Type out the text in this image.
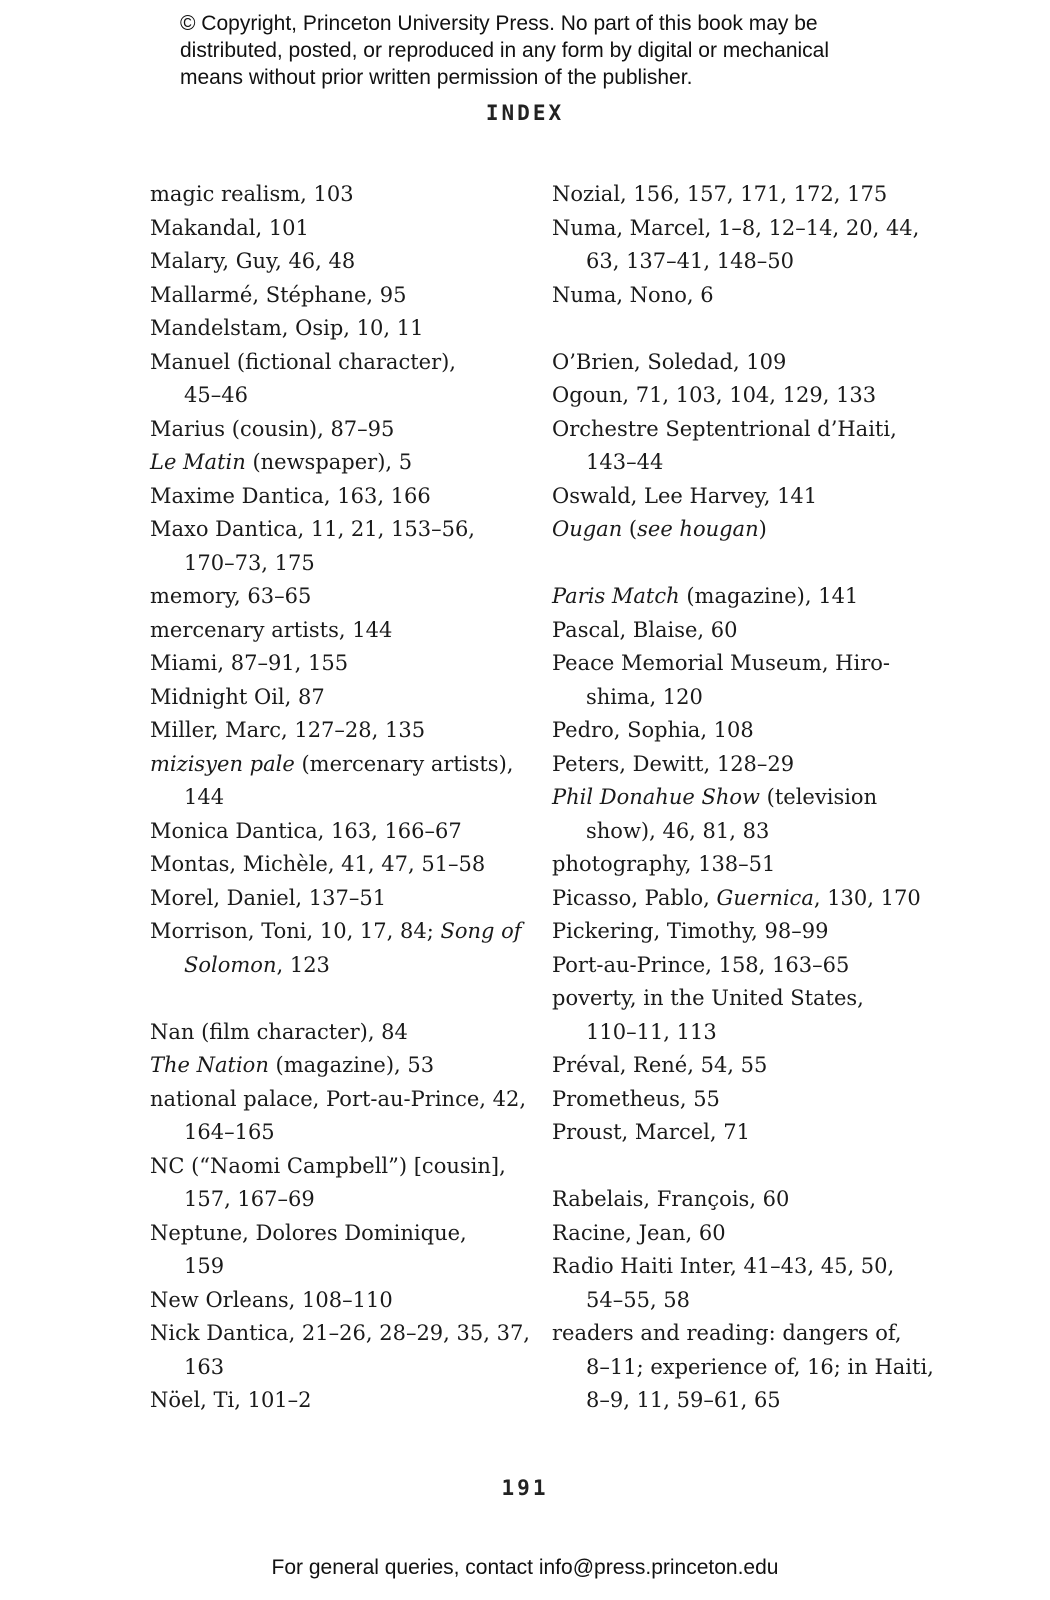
© Copyright, Princeton University Press. No part of this book may be
distributed, posted, or reproduced in any form by digital or mechanical
means without prior written permission of the publisher.
INDEX
magic realism, 103
Makandal, 101
Malary, Guy, 46, 48
Mallarmé, Stéphane, 95
Mandelstam, Osip, 10, 11
Manuel (fictional character),
45–46
Marius (cousin), 87–95
Le Matin (newspaper), 5
Maxime Dantica, 163, 166
Maxo Dantica, 11, 21, 153–56,
170–73, 175
memory, 63–65
mercenary artists, 144
Miami, 87–91, 155
Midnight Oil, 87
Miller, Marc, 127–28, 135
mizisyen pale (mercenary artists),
144
Monica Dantica, 163, 166–67
Montas, Michèle, 41, 47, 51–58
Morel, Daniel, 137–51
Morrison, Toni, 10, 17, 84; Song of
Solomon, 123
Nan (film character), 84
The Nation (magazine), 53
national palace, Port-au-Prince, 42,
164–165
NC (“Naomi Campbell”) [cousin],
157, 167–69
Neptune, Dolores Dominique,
159
New Orleans, 108–110
Nick Dantica, 21–26, 28–29, 35, 37,
163
Nöel, Ti, 101–2
Nozial, 156, 157, 171, 172, 175
Numa, Marcel, 1–8, 12–14, 20, 44,
63, 137–41, 148–50
Numa, Nono, 6
O’Brien, Soledad, 109
Ogoun, 71, 103, 104, 129, 133
Orchestre Septentrional d’Haiti,
143–44
Oswald, Lee Harvey, 141
Ougan (see hougan)
Paris Match (magazine), 141
Pascal, Blaise, 60
Peace Memorial Museum, Hiro-
shima, 120
Pedro, Sophia, 108
Peters, Dewitt, 128–29
Phil Donahue Show (television
show), 46, 81, 83
photography, 138–51
Picasso, Pablo, Guernica, 130, 170
Pickering, Timothy, 98–99
Port-au-Prince, 158, 163–65
poverty, in the United States,
110–11, 113
Préval, René, 54, 55
Prometheus, 55
Proust, Marcel, 71
Rabelais, François, 60
Racine, Jean, 60
Radio Haiti Inter, 41–43, 45, 50,
54–55, 58
readers and reading: dangers of,
8–11; experience of, 16; in Haiti,
8–9, 11, 59–61, 65
191
For general queries, contact info@press.princeton.edu
